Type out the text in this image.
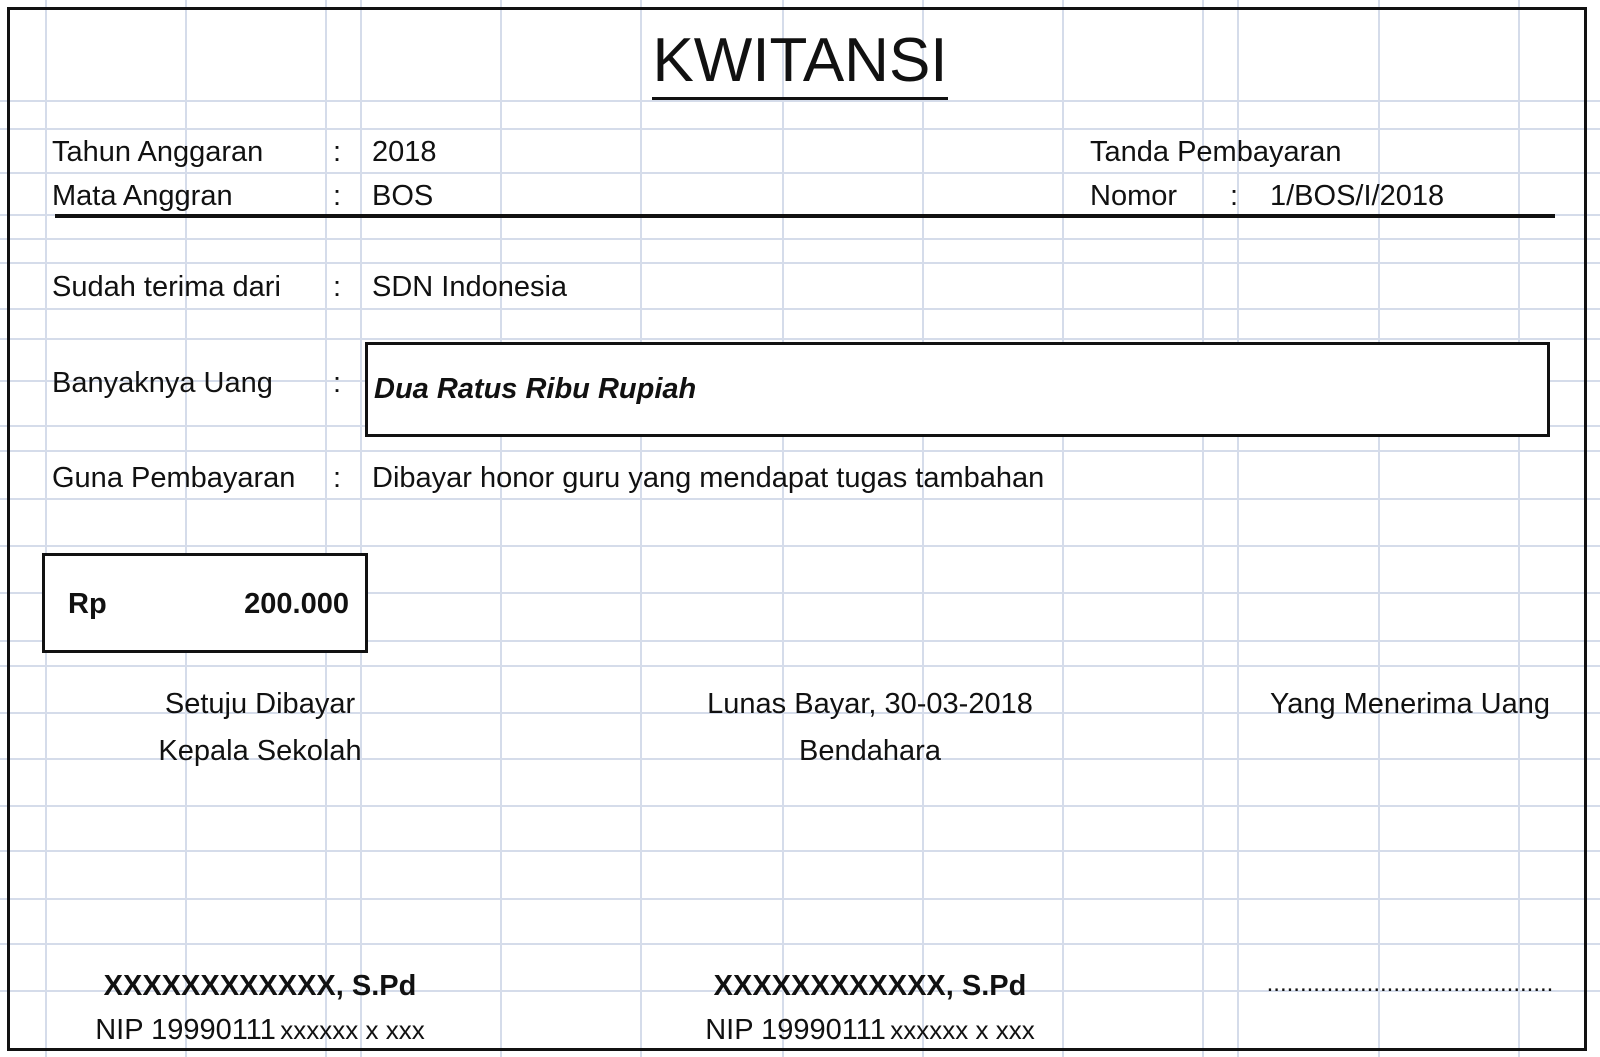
KWITANSI
Tahun Anggaran : 2018
Mata Anggran	: BOS
Tanda Pembayaran
Nomor : 1/BOS/I/2018
Sudah terima dari : SDN Indonesia
Banyaknya Uang : Dua Ratus Ribu Rupiah
Guna Pembayaran : Dibayar honor guru yang mendapat tugas tambahan
Rp	200.000
Setuju Dibayar
Kepala Sekolah
XXXXXXXXXXXX, S.Pd
NIP 19990111 xxxxxx x xxx
Lunas Bayar, 30-03-2018
Bendahara
XXXXXXXXXXXX, S.Pd
NIP 19990111 xxxxxx x xxx
Yang Menerima Uang
...........................................
